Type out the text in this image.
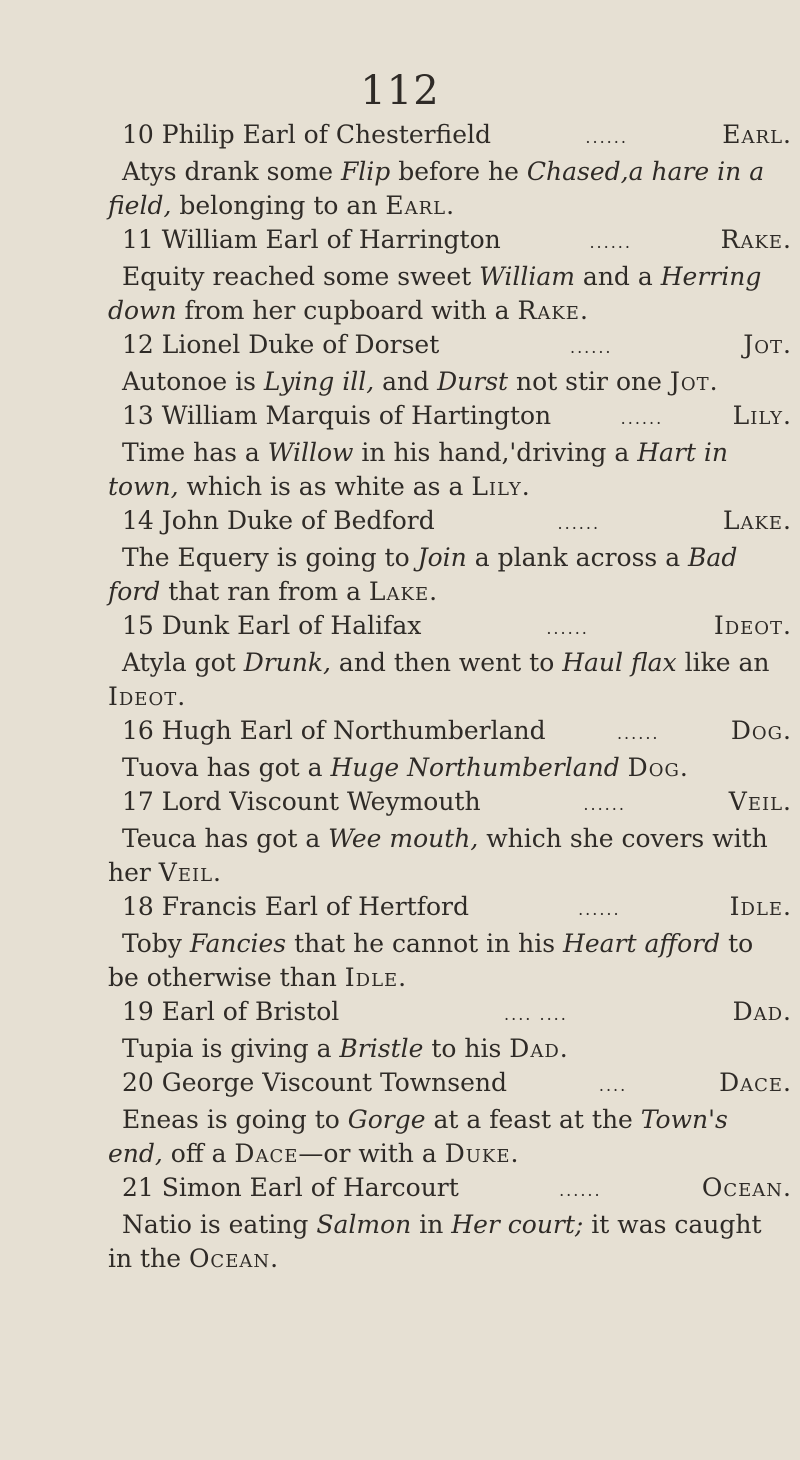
112
10 Philip Earl of Chesterfield	......	Earl.

Atys drank some Flip before he Chased,a hare in a field, belonging to an Earl.

11 William Earl of Harrington	......	Rake.

Equity reached some sweet William and a Herring down from her cupboard with a Rake.

12 Lionel Duke of Dorset	......	Jot.

Autonoe is Lying ill, and Durst not stir one Jot.

13 William Marquis of Hartington	......	Lily.

Time has a Willow in his hand,'driving a Hart in town, which is as white as a Lily.

14 John Duke of Bedford	......	Lake.

The Equery is going to Join a plank across a Bad ford that ran from a Lake.

15 Dunk Earl of Halifax	......	Ideot.

Atyla got Drunk, and then went to Haul flax like an Ideot.

16 Hugh Earl of Northumberland	......	Dog.

Tuova has got a Huge Northumberland Dog.

17 Lord Viscount Weymouth	......	Veil.

Teuca has got a Wee mouth, which she covers with her Veil.

18 Francis Earl of Hertford	......	Idle.

Toby Fancies that he cannot in his Heart afford to be otherwise than Idle.

19 Earl of Bristol	.... ....	Dad.

Tupia is giving a Bristle to his Dad.

20 George Viscount Townsend	....	Dace.

Eneas is going to Gorge at a feast at the Town's end, off a Dace—or with a Duke.

21 Simon Earl of Harcourt	......	Ocean.

Natio is eating Salmon in Her court; it was caught in the Ocean.
